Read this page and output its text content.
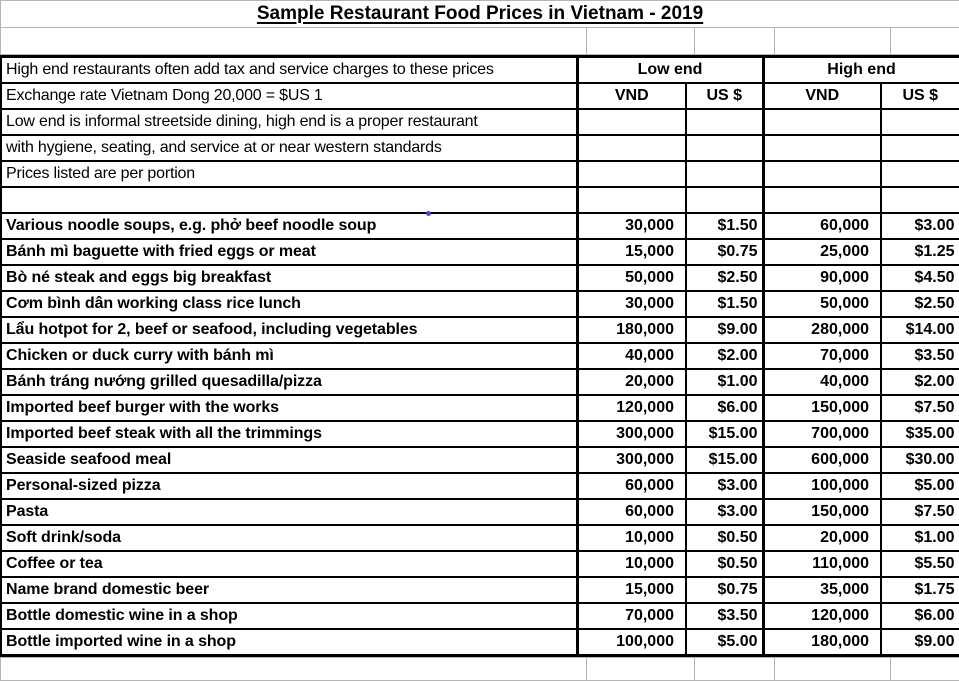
Sample Restaurant Food Prices in Vietnam - 2019

High end restaurants often add tax and service charges to these prices	Low end		High end	
Exchange rate Vietnam Dong 20,000 = $US 1	VND	US $	VND	US $
Low end is informal streetside dining, high end is a proper restaurant				
with hygiene, seating, and service at or near western standards				
Prices listed are per portion				

Various noodle soups, e.g. phở beef noodle soup	30,000	$1.50	60,000	$3.00
Bánh mì baguette with fried eggs or meat	15,000	$0.75	25,000	$1.25
Bò né steak and eggs big breakfast	50,000	$2.50	90,000	$4.50
Cơm bình dân working class rice lunch	30,000	$1.50	50,000	$2.50
Lẩu hotpot for 2, beef or seafood, including vegetables	180,000	$9.00	280,000	$14.00
Chicken or duck curry with bánh mì	40,000	$2.00	70,000	$3.50
Bánh tráng nướng grilled quesadilla/pizza	20,000	$1.00	40,000	$2.00
Imported beef burger with the works	120,000	$6.00	150,000	$7.50
Imported beef steak with all the trimmings	300,000	$15.00	700,000	$35.00
Seaside seafood meal	300,000	$15.00	600,000	$30.00
Personal-sized pizza	60,000	$3.00	100,000	$5.00
Pasta	60,000	$3.00	150,000	$7.50
Soft drink/soda	10,000	$0.50	20,000	$1.00
Coffee or tea	10,000	$0.50	110,000	$5.50
Name brand domestic beer	15,000	$0.75	35,000	$1.75
Bottle domestic wine in a shop	70,000	$3.50	120,000	$6.00
Bottle imported wine in a shop	100,000	$5.00	180,000	$9.00
